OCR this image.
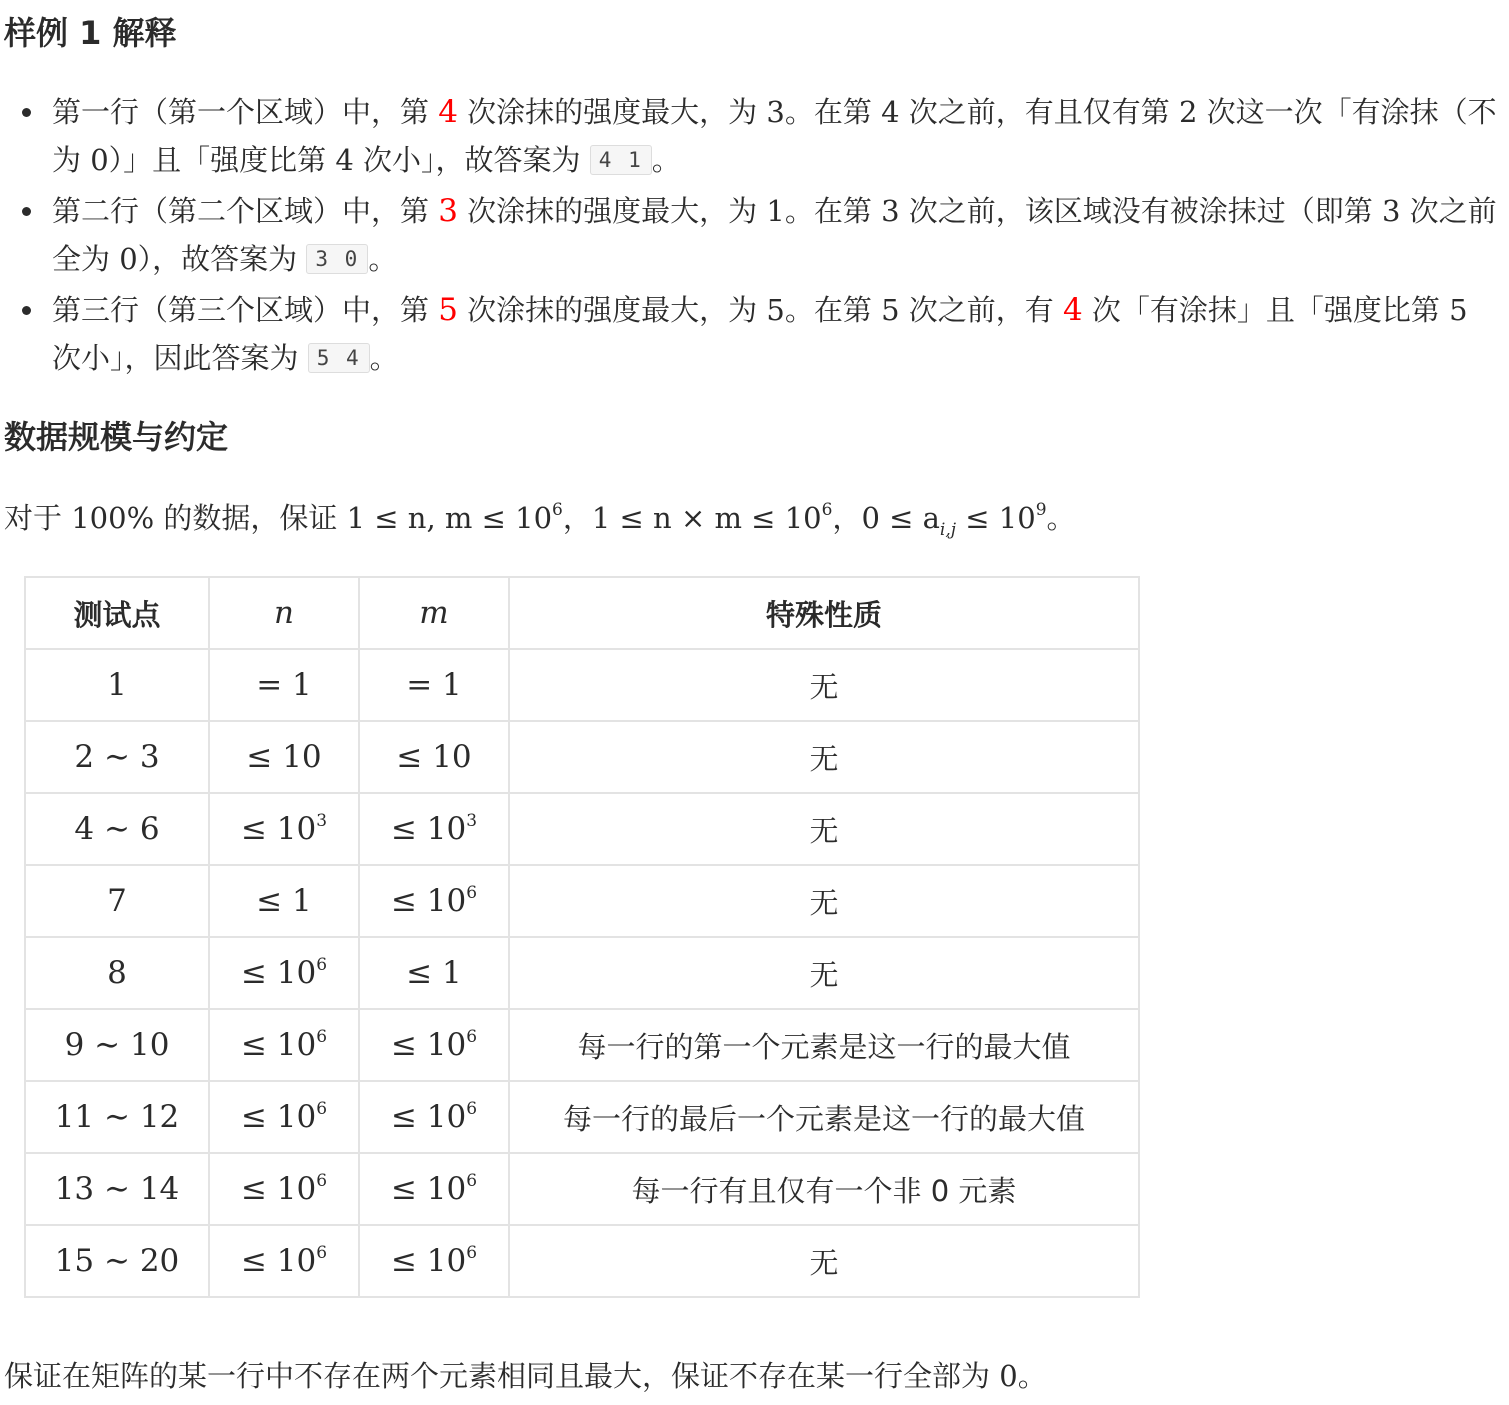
样例 1 解释
第一行（第一个区域）中，第 4 次涂抹的强度最大，为 3。在第 4 次之前，有且仅有第 2 次这一次「有涂抹（不为 0）」且「强度比第 4 次小」，故答案为 4 1 。
第二行（第二个区域）中，第 3 次涂抹的强度最大，为 1。在第 3 次之前，该区域没有被涂抹过（即第 3 次之前全为 0），故答案为 3 0 。
第三行（第三个区域）中，第 5 次涂抹的强度最大，为 5。在第 5 次之前，有 4 次「有涂抹」且「强度比第 5 次小」，因此答案为 5 4 。
数据规模与约定
对于 100% 的数据，保证 1 ≤ n, $m \le 10^6$，$1 \le n \times m \le 10^6$，$0 \le a_{i,j} \le 10^9$。
测试点	n	m	特殊性质
1	= 1	= 1	无
2 ∼ 3	≤ 10	≤ 10	无
4 ∼ 6	≤ $10^3$	≤ $10^3$	无
7	≤ 1	≤ $10^6$	无
8	≤ $10^6$	≤ 1	无
9 ∼ 10	≤ $10^6$	≤ $10^6$	每一行的第一个元素是这一行的最大值
11 ∼ 12	≤ $10^6$	≤ $10^6$	每一行的最后一个元素是这一行的最大值
13 ∼ 14	≤ $10^6$	≤ $10^6$	每一行有且仅有一个非 0 元素
15 ∼ 20	≤ $10^6$	≤ $10^6$	无
保证在矩阵的某一行中不存在两个元素相同且最大，保证不存在某一行全部为 0。
